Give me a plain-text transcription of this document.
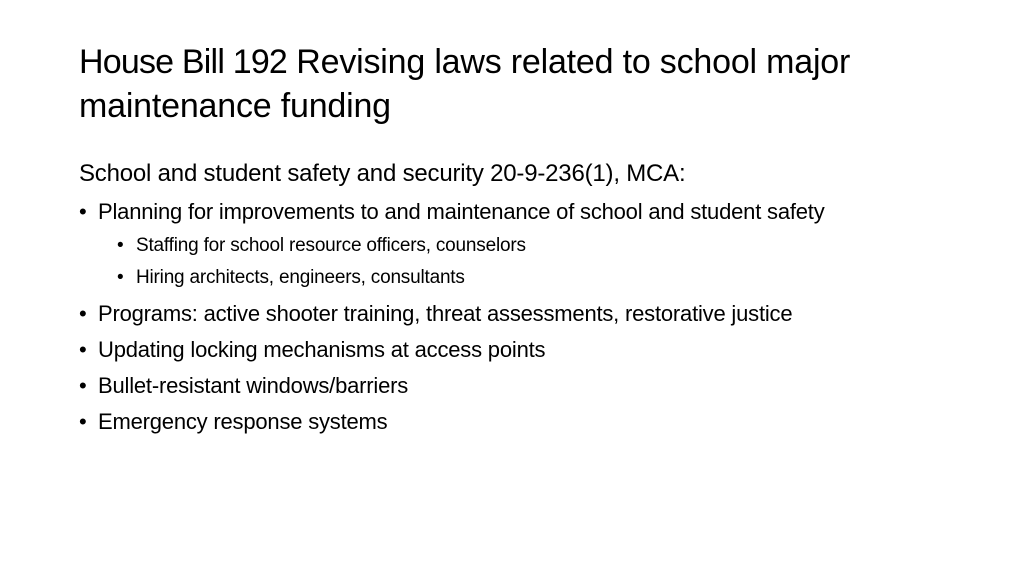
House Bill 192 Revising laws related to school major maintenance funding

School and student safety and security 20-9-236(1), MCA:

• Planning for improvements to and maintenance of school and student safety
• Staffing for school resource officers, counselors
• Hiring architects, engineers, consultants
• Programs: active shooter training, threat assessments, restorative justice
• Updating locking mechanisms at access points
• Bullet-resistant windows/barriers
• Emergency response systems
